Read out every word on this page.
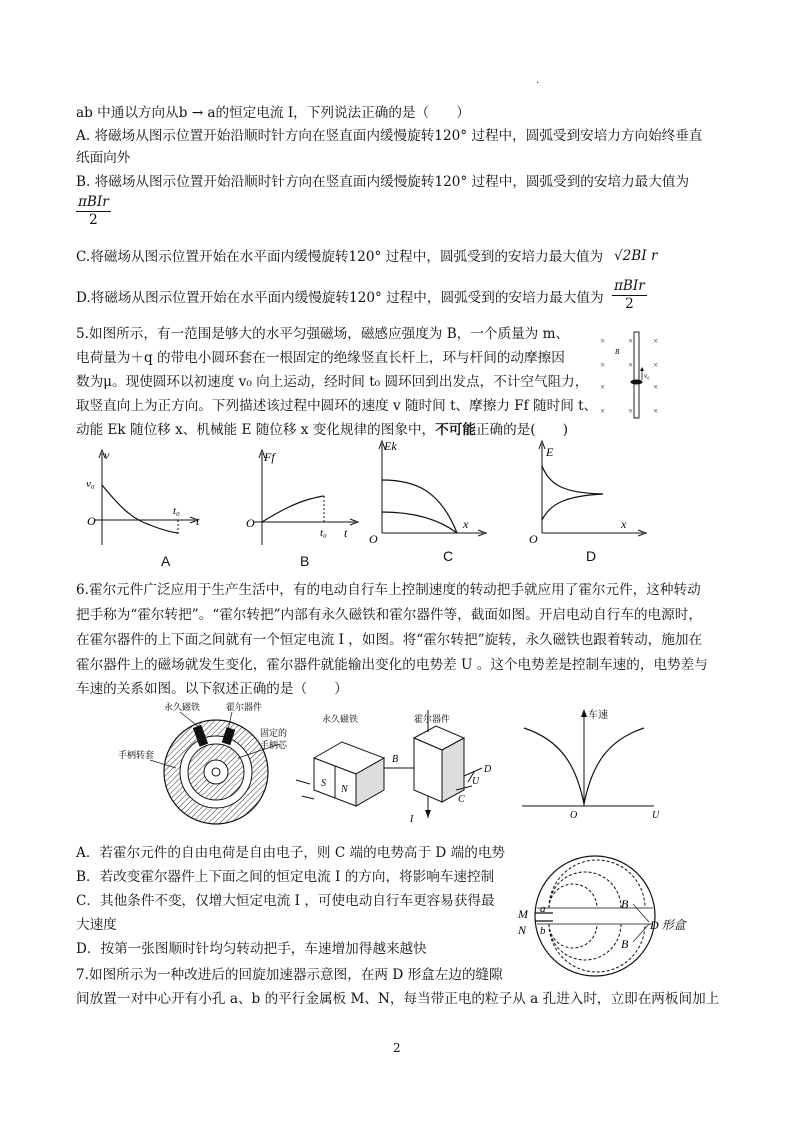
.
ab 中通以方向从b → a的恒定电流 I，下列说法正确的是（　　）
A. 将磁场从图示位置开始沿顺时针方向在竖直面内缓慢旋转120° 过程中，圆弧受到安培力方向始终垂直
纸面向外
B. 将磁场从图示位置开始沿顺时针方向在竖直面内缓慢旋转120° 过程中，圆弧受到的安培力最大值为
πBIr
2
C.将磁场从图示位置开始在水平面内缓慢旋转120° 过程中，圆弧受到的安培力最大值为 √2BI r
D.将磁场从图示位置开始在水平面内缓慢旋转120° 过程中，圆弧受到的安培力最大值为
πBIr
2
5.如图所示，有一范围是够大的水平匀强磁场，磁感应强度为 B，一个质量为 m、
电荷量为＋q 的带电小圆环套在一根固定的绝缘竖直长杆上，环与杆间的动摩擦因
数为μ。现使圆环以初速度 v₀ 向上运动，经时间 t₀ 圆环回到出发点，不计空气阻力，
取竖直向上为正方向。下列描述该过程中圆环的速度 v 随时间 t、摩擦力 Ff 随时间 t、
动能 Ek 随位移 x、机械能 E 随位移 x 变化规律的图象中，不可能正确的是(　　)
×	× ×
×	× ×
×	×
×	× ×
B
v₀
v
v₀
t₀
t
O
A
Ff
t₀ t
O
B
Ek
x
O
C
E
x
O
D
6.霍尔元件广泛应用于生产生活中，有的电动自行车上控制速度的转动把手就应用了霍尔元件，这种转动
把手称为“霍尔转把”。“霍尔转把”内部有永久磁铁和霍尔器件等，截面如图。开启电动自行车的电源时，
在霍尔器件的上下面之间就有一个恒定电流 I ，如图。将“霍尔转把”旋转，永久磁铁也跟着转动，施加在
霍尔器件上的磁场就发生变化，霍尔器件就能输出变化的电势差 U 。这个电势差是控制车速的，电势差与
车速的关系如图。以下叙述正确的是（　　）
永久磁铁	霍尔器件
手柄转套
固定的
手柄芯
永久磁铁	霍尔器件
S
N
B
I
U
D
C
车速
U
O
A．若霍尔元件的自由电荷是自由电子，则 C 端的电势高于 D 端的电势
B．若改变霍尔器件上下面之间的恒定电流 I 的方向，将影响车速控制
C．其他条件不变，仅增大恒定电流 I ，可使电动自行车更容易获得最
大速度
D．按第一张图顺时针均匀转动把手，车速增加得越来越快
7.如图所示为一种改进后的回旋加速器示意图，在两 D 形盒左边的缝隙
间放置一对中心开有小孔 a、b 的平行金属板 M、N，每当带正电的粒子从 a 孔进入时，立即在两板间加上
M
N
a
b
B
B
D 形盒
2
